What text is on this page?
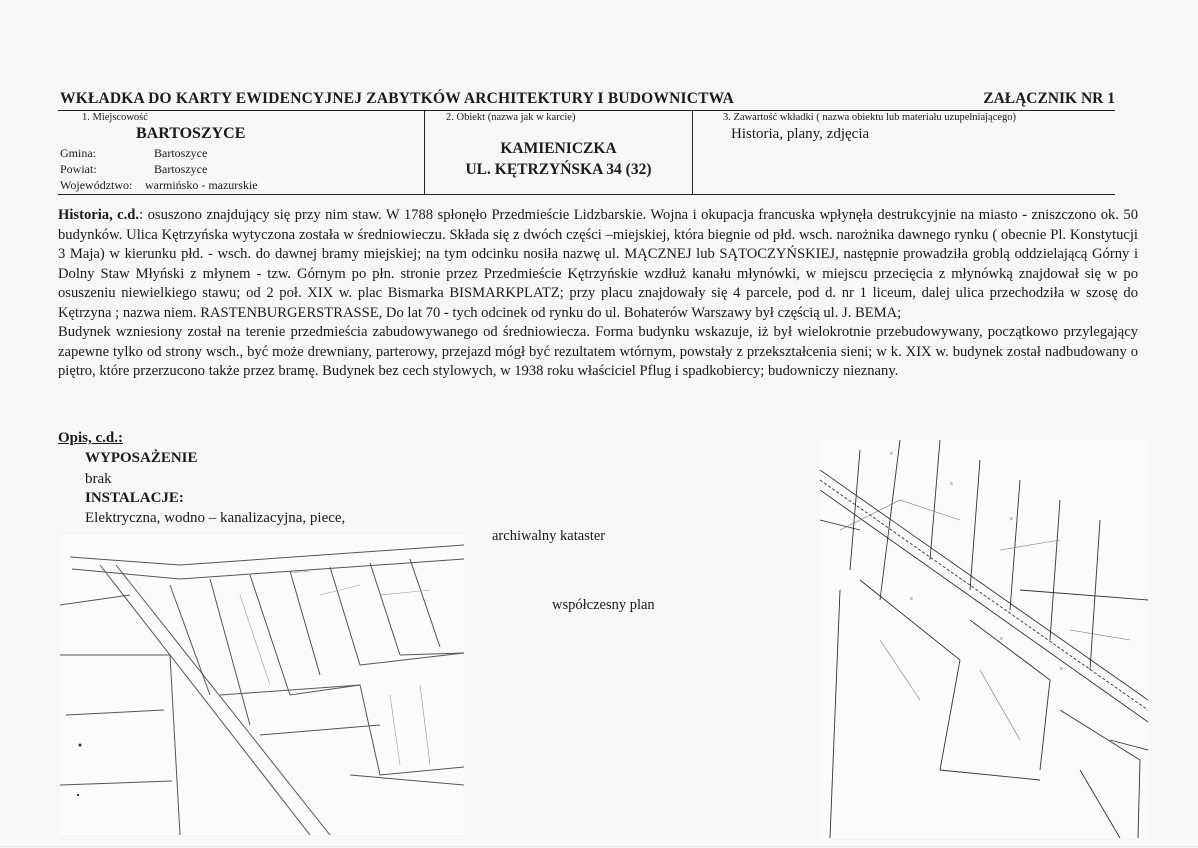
WKŁADKA DO KARTY EWIDENCYJNEJ ZABYTKÓW ARCHITEKTURY I BUDOWNICTWA	ZAŁĄCZNIK NR 1
1. Miejscowość
BARTOSZYCE
Gmina:	Bartoszyce
Powiat:	Bartoszyce
Województwo: warmińsko - mazurskie
2. Obiekt (nazwa jak w karcie)
KAMIENICZKA
UL. KĘTRZYŃSKA 34 (32)
3. Zawartość wkładki ( nazwa obiektu lub materiału uzupełniającego)
Historia, plany, zdjęcia

Historia, c.d.: osuszono znajdujący się przy nim staw. W 1788 spłonęło Przedmieście Lidzbarskie. Wojna i okupacja francuska wpłynęła destrukcyjnie na miasto - zniszczono ok. 50 budynków. Ulica Kętrzyńska wytyczona została w średniowieczu. Składa się z dwóch części –miejskiej, która biegnie od płd. wsch. narożnika dawnego rynku ( obecnie Pl. Konstytucji 3 Maja) w kierunku płd. - wsch. do dawnej bramy miejskiej; na tym odcinku nosiła nazwę ul. MĄCZNEJ lub SĄTOCZYŃSKIEJ, następnie prowadziła groblą oddzielającą Górny i Dolny Staw Młyński z młynem - tzw. Górnym po płn. stronie przez Przedmieście Kętrzyńskie wzdłuż kanału młynówki, w miejscu przecięcia z młynówką znajdował się w po osuszeniu niewielkiego stawu; od 2 poł. XIX w. plac Bismarka BISMARKPLATZ; przy placu znajdowały się 4 parcele, pod d. nr 1 liceum, dalej ulica przechodziła w szosę do Kętrzyna ; nazwa niem. RASTENBURGERSTRASSE, Do lat 70 - tych odcinek od rynku do ul. Bohaterów Warszawy był częścią ul. J. BEMA;

Budynek wzniesiony został na terenie przedmieścia zabudowywanego od średniowiecza. Forma budynku wskazuje, iż był wielokrotnie przebudowywany, początkowo przylegający zapewne tylko od strony wsch., być może drewniany, parterowy, przejazd mógł być rezultatem wtórnym, powstały z przekształcenia sieni; w k. XIX w. budynek został nadbudowany o piętro, które przerzucono także przez bramę. Budynek bez cech stylowych, w 1938 roku właściciel Pflug i spadkobiercy; budowniczy nieznany.

Opis, c.d.:
WYPOSAŻENIE
brak
INSTALACJE:
Elektryczna, wodno – kanalizacyjna, piece,
archiwalny kataster
współczesny plan
~~~~~
≡
≡
≡
≡
≡
≡
